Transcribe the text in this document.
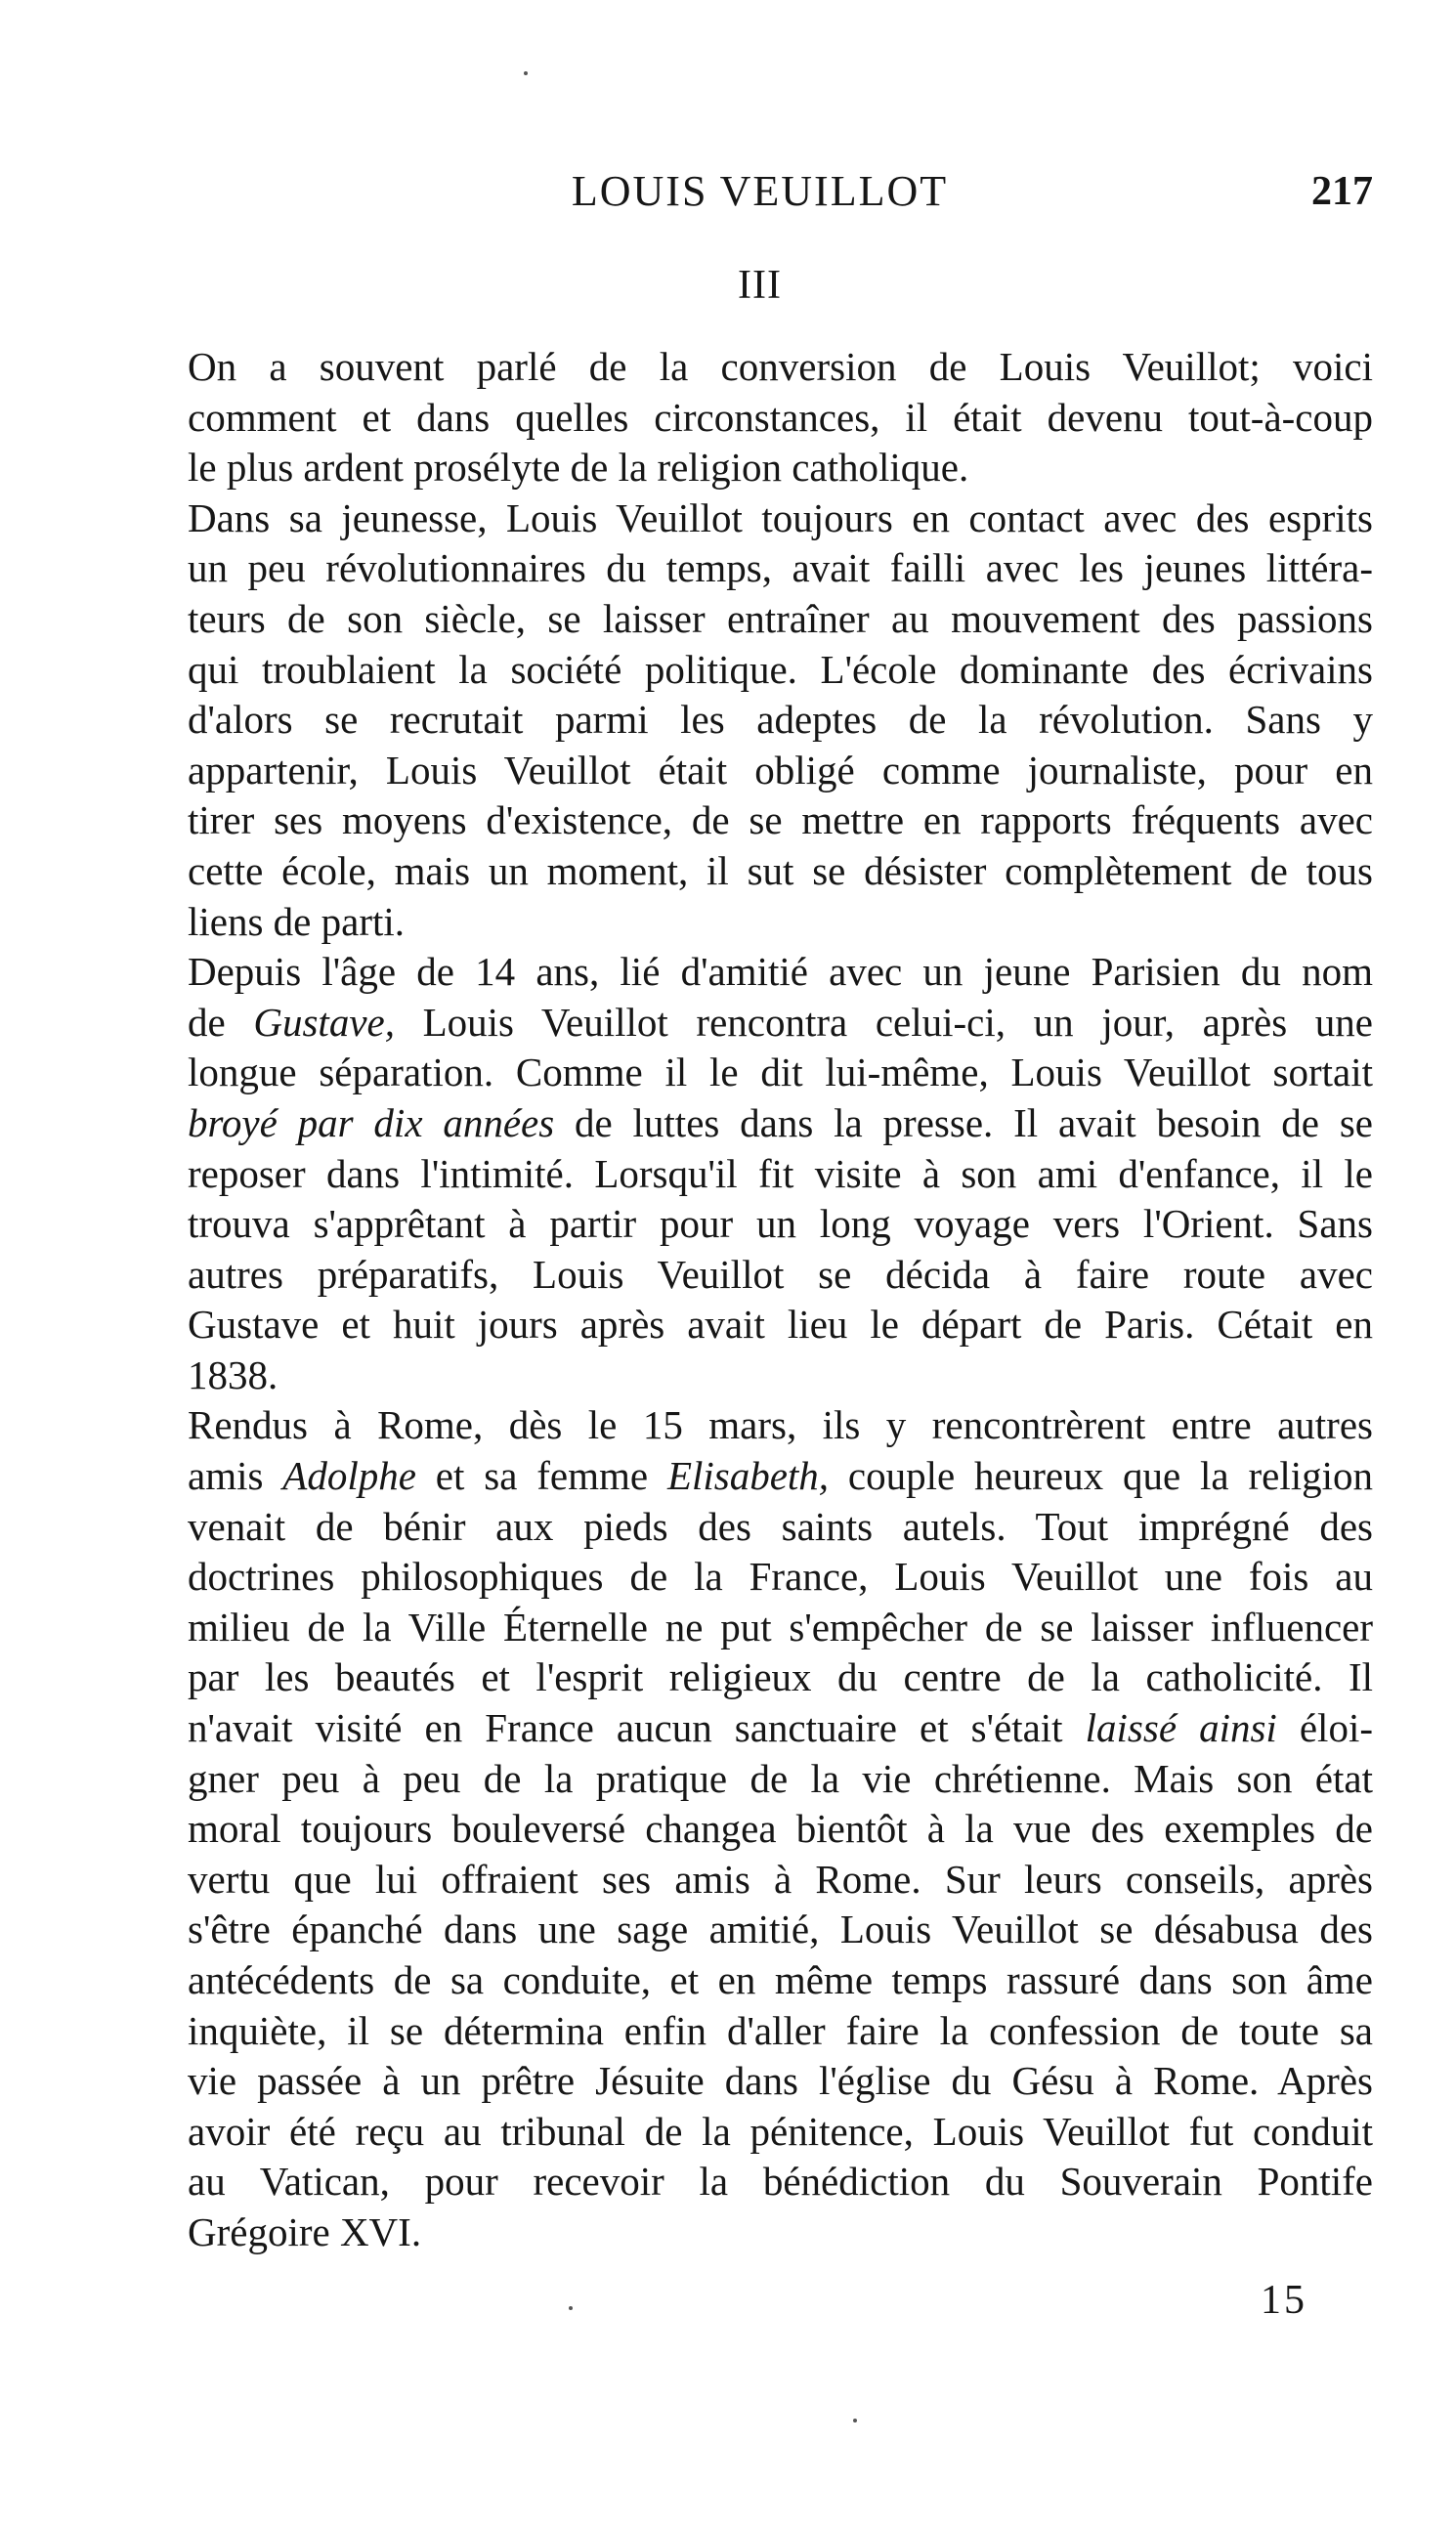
LOUIS VEUILLOT	217
III
On a souvent parlé de la conversion de Louis Veuillot; voici
comment et dans quelles circonstances, il était devenu tout-à-coup
le plus ardent prosélyte de la religion catholique.
Dans sa jeunesse, Louis Veuillot toujours en contact avec des esprits
un peu révolutionnaires du temps, avait failli avec les jeunes littéra-
teurs de son siècle, se laisser entraîner au mouvement des passions
qui troublaient la société politique. L'école dominante des écrivains
d'alors se recrutait parmi les adeptes de la révolution. Sans y
appartenir, Louis Veuillot était obligé comme journaliste, pour en
tirer ses moyens d'existence, de se mettre en rapports fréquents avec
cette école, mais un moment, il sut se désister complètement de tous
liens de parti.
Depuis l'âge de 14 ans, lié d'amitié avec un jeune Parisien du nom
de Gustave, Louis Veuillot rencontra celui-ci, un jour, après une
longue séparation. Comme il le dit lui-même, Louis Veuillot sortait
broyé par dix années de luttes dans la presse. Il avait besoin de se
reposer dans l'intimité. Lorsqu'il fit visite à son ami d'enfance, il le
trouva s'apprêtant à partir pour un long voyage vers l'Orient. Sans
autres préparatifs, Louis Veuillot se décida à faire route avec
Gustave et huit jours après avait lieu le départ de Paris. Cétait en
1838.
Rendus à Rome, dès le 15 mars, ils y rencontrèrent entre autres
amis Adolphe et sa femme Elisabeth, couple heureux que la religion
venait de bénir aux pieds des saints autels. Tout imprégné des
doctrines philosophiques de la France, Louis Veuillot une fois au
milieu de la Ville Éternelle ne put s'empêcher de se laisser influencer
par les beautés et l'esprit religieux du centre de la catholicité. Il
n'avait visité en France aucun sanctuaire et s'était laissé ainsi éloi-
gner peu à peu de la pratique de la vie chrétienne. Mais son état
moral toujours bouleversé changea bientôt à la vue des exemples de
vertu que lui offraient ses amis à Rome. Sur leurs conseils, après
s'être épanché dans une sage amitié, Louis Veuillot se désabusa des
antécédents de sa conduite, et en même temps rassuré dans son âme
inquiète, il se détermina enfin d'aller faire la confession de toute sa
vie passée à un prêtre Jésuite dans l'église du Gésu à Rome. Après
avoir été reçu au tribunal de la pénitence, Louis Veuillot fut conduit
au Vatican, pour recevoir la bénédiction du Souverain Pontife
Grégoire XVI.
15
